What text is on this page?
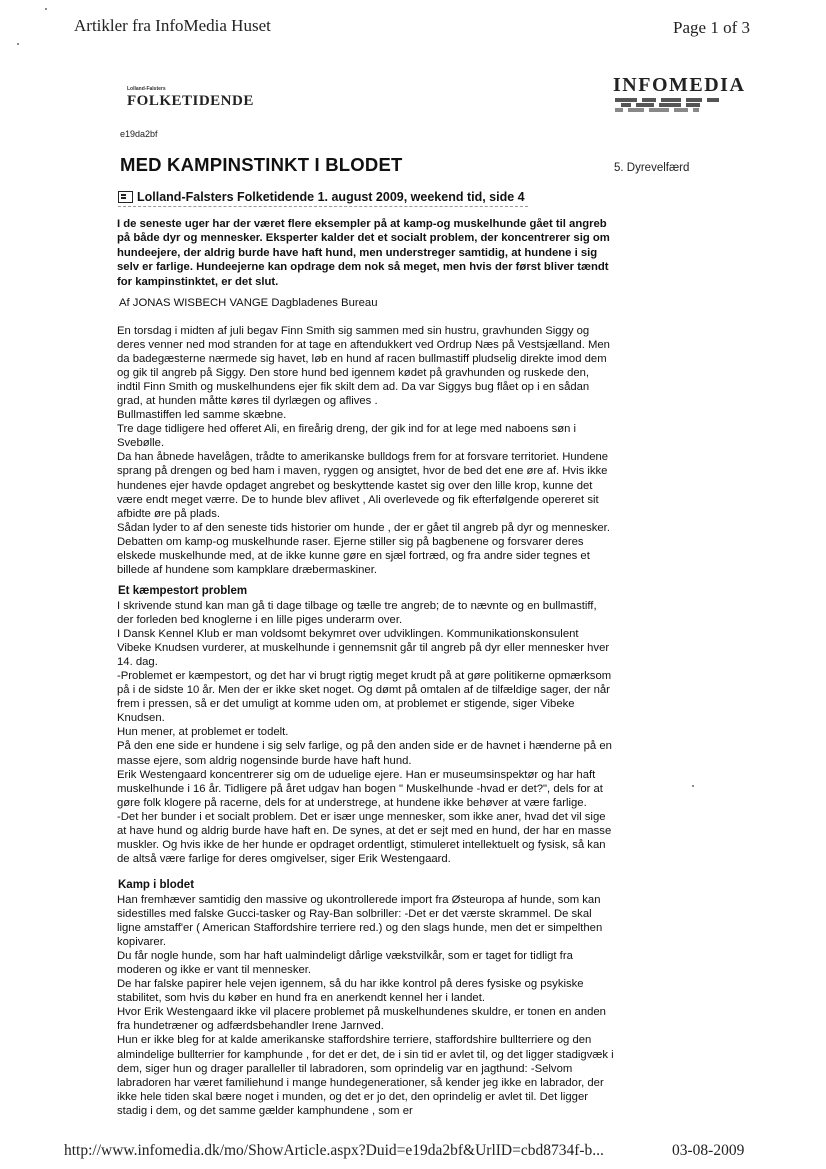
Artikler fra InfoMedia Huset	Page 1 of 3
Lolland-Falsters
FOLKETIDENDE
INFOMEDIA
e19da2bf
MED KAMPINSTINKT I BLODET	5. Dyrevelfærd
Lolland-Falsters Folketidende 1. august 2009, weekend tid, side 4
I de seneste uger har der været flere eksempler på at kamp-og muskelhunde gået til angreb på både dyr og mennesker. Eksperter kalder det et socialt problem, der koncentrerer sig om hundeejere, der aldrig burde have haft hund, men understreger samtidig, at hundene i sig selv er farlige. Hundeejerne kan opdrage dem nok så meget, men hvis der først bliver tændt for kampinstinktet, er det slut.
Af JONAS WISBECH VANGE Dagbladenes Bureau

En torsdag i midten af juli begav Finn Smith sig sammen med sin hustru, gravhunden Siggy og deres venner ned mod stranden for at tage en aftendukkert ved Ordrup Næs på Vestsjælland. Men da badegæsterne nærmede sig havet, løb en hund af racen bullmastiff pludselig direkte imod dem og gik til angreb på Siggy. Den store hund bed igennem kødet på gravhunden og ruskede den, indtil Finn Smith og muskelhundens ejer fik skilt dem ad. Da var Siggys bug flået op i en sådan grad, at hunden måtte køres til dyrlægen og aflives .

Bullmastiffen led samme skæbne.

Tre dage tidligere hed offeret Ali, en fireårig dreng, der gik ind for at lege med naboens søn i Svebølle.

Da han åbnede havelågen, trådte to amerikanske bulldogs frem for at forsvare territoriet. Hundene sprang på drengen og bed ham i maven, ryggen og ansigtet, hvor de bed det ene øre af. Hvis ikke hundenes ejer havde opdaget angrebet og beskyttende kastet sig over den lille krop, kunne det være endt meget værre. De to hunde blev aflivet , Ali overlevede og fik efterfølgende opereret sit afbidte øre på plads.

Sådan lyder to af den seneste tids historier om hunde , der er gået til angreb på dyr og mennesker.

Debatten om kamp-og muskelhunde raser. Ejerne stiller sig på bagbenene og forsvarer deres elskede muskelhunde med, at de ikke kunne gøre en sjæl fortræd, og fra andre sider tegnes et billede af hundene som kampklare dræbermaskiner.

Et kæmpestort problem

I skrivende stund kan man gå ti dage tilbage og tælle tre angreb; de to nævnte og en bullmastiff, der forleden bed knoglerne i en lille piges underarm over.

I Dansk Kennel Klub er man voldsomt bekymret over udviklingen. Kommunikationskonsulent Vibeke Knudsen vurderer, at muskelhunde i gennemsnit går til angreb på dyr eller mennesker hver 14. dag.

-Problemet er kæmpestort, og det har vi brugt rigtig meget krudt på at gøre politikerne opmærksom på i de sidste 10 år. Men der er ikke sket noget. Og dømt på omtalen af de tilfældige sager, der når frem i pressen, så er det umuligt at komme uden om, at problemet er stigende, siger Vibeke Knudsen.

Hun mener, at problemet er todelt.

På den ene side er hundene i sig selv farlige, og på den anden side er de havnet i hænderne på en masse ejere, som aldrig nogensinde burde have haft hund.

Erik Westengaard koncentrerer sig om de uduelige ejere. Han er museumsinspektør og har haft muskelhunde i 16 år. Tidligere på året udgav han bogen " Muskelhunde -hvad er det?", dels for at gøre folk klogere på racerne, dels for at understrege, at hundene ikke behøver at være farlige.

-Det her bunder i et socialt problem. Det er især unge mennesker, som ikke aner, hvad det vil sige at have hund og aldrig burde have haft en. De synes, at det er sejt med en hund, der har en masse muskler. Og hvis ikke de her hunde er opdraget ordentligt, stimuleret intellektuelt og fysisk, så kan de altså være farlige for deres omgivelser, siger Erik Westengaard.

Kamp i blodet

Han fremhæver samtidig den massive og ukontrollerede import fra Østeuropa af hunde, som kan sidestilles med falske Gucci-tasker og Ray-Ban solbriller: -Det er det værste skrammel. De skal ligne amstaff'er ( American Staffordshire terriere red.) og den slags hunde, men det er simpelthen kopivarer.

Du får nogle hunde, som har haft ualmindeligt dårlige vækstvilkår, som er taget for tidligt fra moderen og ikke er vant til mennesker.

De har falske papirer hele vejen igennem, så du har ikke kontrol på deres fysiske og psykiske stabilitet, som hvis du køber en hund fra en anerkendt kennel her i landet.

Hvor Erik Westengaard ikke vil placere problemet på muskelhundenes skuldre, er tonen en anden fra hundetræner og adfærdsbehandler Irene Jarnved.

Hun er ikke bleg for at kalde amerikanske staffordshire terriere, staffordshire bullterriere og den almindelige bullterrier for kamphunde , for det er det, de i sin tid er avlet til, og det ligger stadigvæk i dem, siger hun og drager paralleller til labradoren, som oprindelig var en jagthund: -Selvom labradoren har været familiehund i mange hundegenerationer, så kender jeg ikke en labrador, der ikke hele tiden skal bære noget i munden, og det er jo det, den oprindelig er avlet til. Det ligger stadig i dem, og det samme gælder kamphundene , som er

http://www.infomedia.dk/mo/ShowArticle.aspx?Duid=e19da2bf&UrlID=cbd8734f-b...	03-08-2009
